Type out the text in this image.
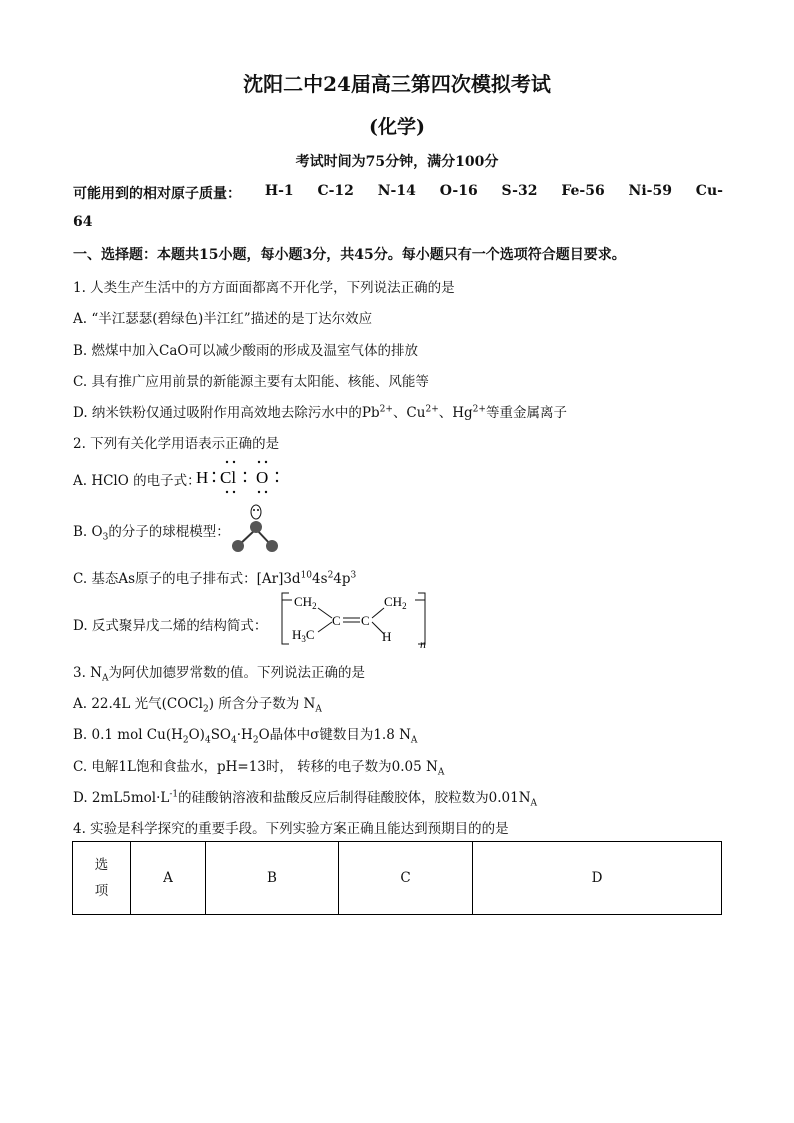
沈阳二中24届高三第四次模拟考试
(化学)
考试时间为75分钟，满分100分
可能用到的相对原子质量： H-1 C-12 N-14 O-16 S-32 Fe-56 Ni-59 Cu-
64
一、选择题：本题共15小题，每小题3分，共45分。每小题只有一个选项符合题目要求。
1. 人类生产生活中的方方面面都离不开化学，下列说法正确的是
A. “半江瑟瑟(碧绿色)半江红”描述的是丁达尔效应
B. 燃煤中加入CaO可以减少酸雨的形成及温室气体的排放
C. 具有推广应用前景的新能源主要有太阳能、核能、风能等
D. 纳米铁粉仅通过吸附作用高效地去除污水中的$Pb^{2+}$、$Cu^{2+}$、$Hg^{2+}$等重金属离子
2. 下列有关化学用语表示正确的是
A. HClO 的电子式：
H Cl O
B. $O_3$的分子的球棍模型：
C. 基态As原子的电子排布式：$[Ar]3d^{10}4s^24p^3$
D. 反式聚异戊二烯的结构简式：
$CH_2$
$H_3C$
C C
$CH_2$
H n
3. $N_A$为阿伏加德罗常数的值。下列说法正确的是
A. 22.4L 光气(COCl$_2$) 所含分子数为 $N_A$
B. 0.1 mol $Cu(H_2O)_4SO_4\cdot H_2O$晶体中σ键数目为1.8 $N_A$
C. 电解1L饱和食盐水，pH=13时， 转移的电子数为0.05 $N_A$
D. $2mL5mol\cdot L^{-1}$的硅酸钠溶液和盐酸反应后制得硅酸胶体，胶粒数为$0.01N_A$
4. 实验是科学探究的重要手段。下列实验方案正确且能达到预期目的的是
选
项	A	B	C	D
